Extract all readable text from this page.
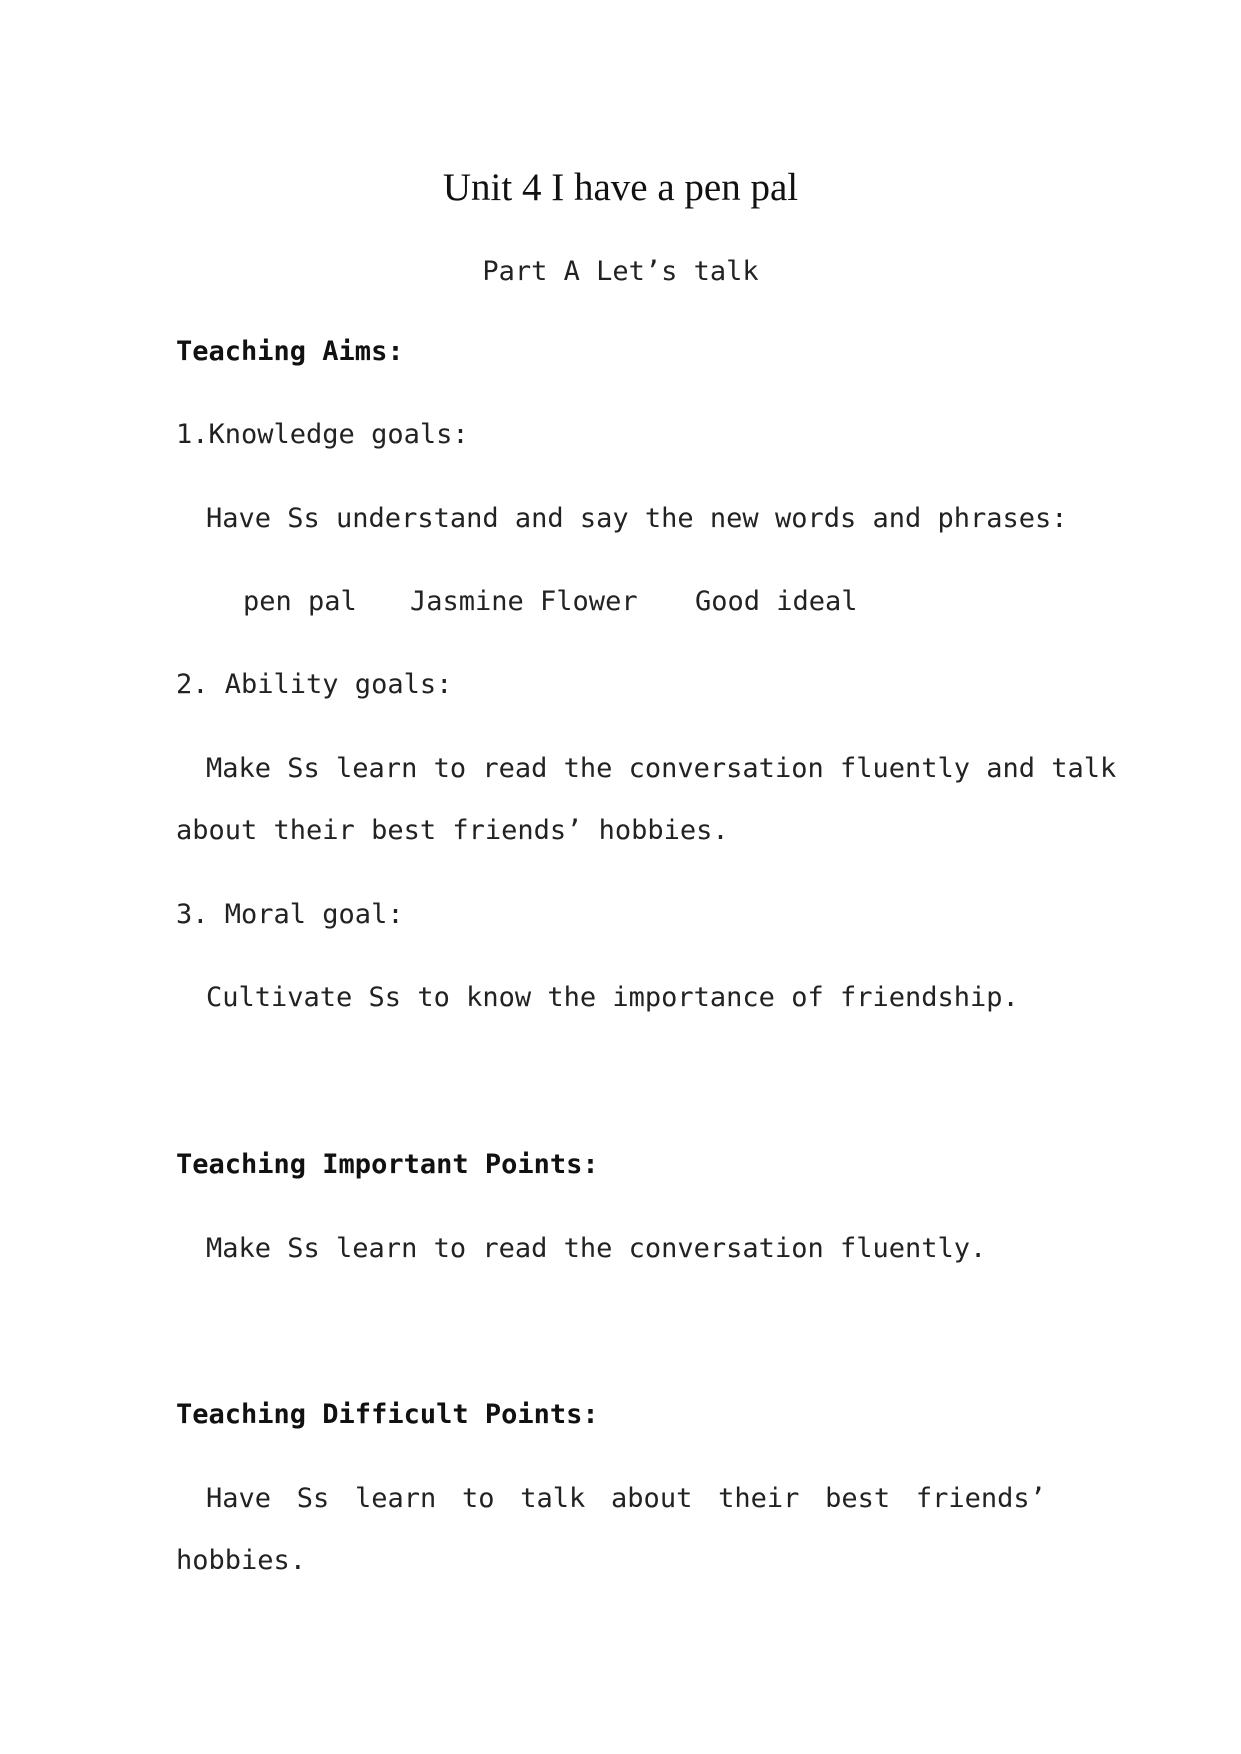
Unit 4 I have a pen pal
Part A Let’s talk
Teaching Aims:
1.Knowledge goals:
Have Ss understand and say the new words and phrases:
pen pal Jasmine Flower Good ideal
2. Ability goals:
Make Ss learn to read the conversation fluently and talk
about their best friends’ hobbies.
3. Moral goal:
Cultivate Ss to know the importance of friendship.
Teaching Important Points:
Make Ss learn to read the conversation fluently.
Teaching Difficult Points:
Have Ss learn to talk about their best friends’
hobbies.
